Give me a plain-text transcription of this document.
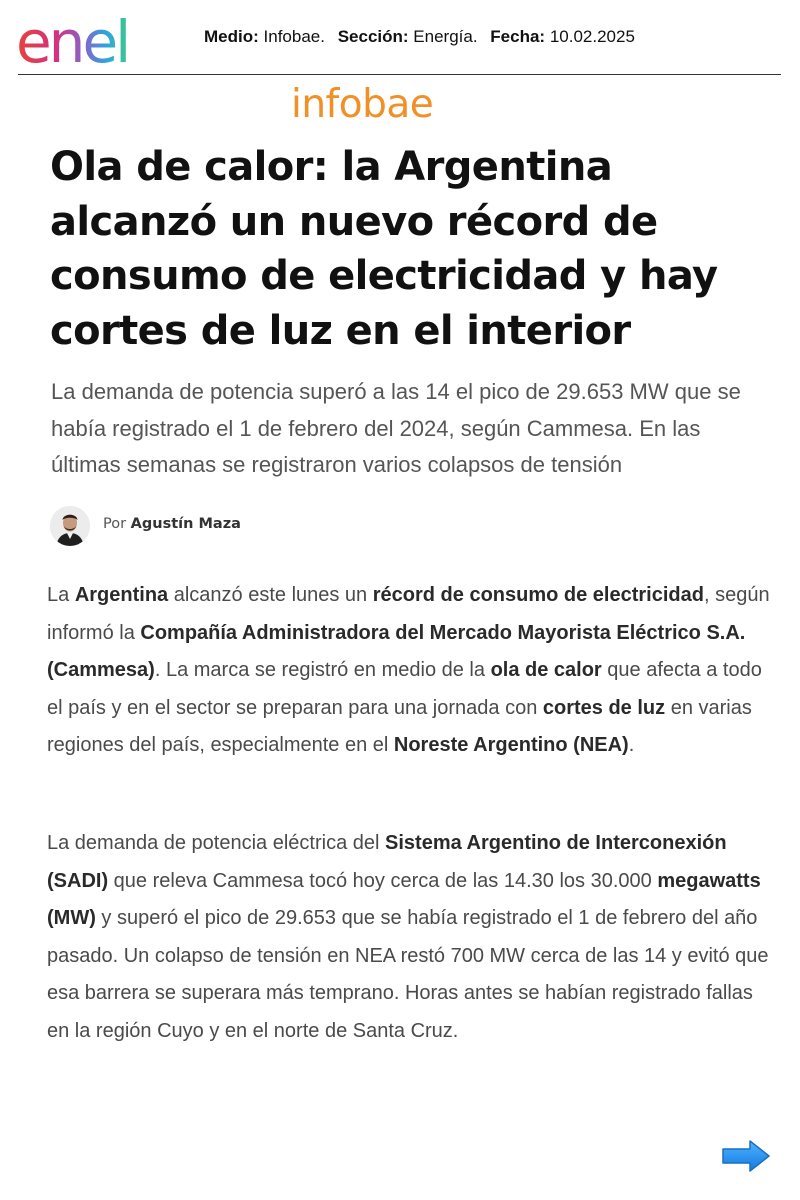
enel	Medio: Infobae. Sección: Energía. Fecha: 10.02.2025
infobae
Ola de calor: la Argentina alcanzó un nuevo récord de consumo de electricidad y hay cortes de luz en el interior

La demanda de potencia superó a las 14 el pico de 29.653 MW que se había registrado el 1 de febrero del 2024, según Cammesa. En las últimas semanas se registraron varios colapsos de tensión

Por Agustín Maza

La Argentina alcanzó este lunes un récord de consumo de electricidad, según informó la Compañía Administradora del Mercado Mayorista Eléctrico S.A. (Cammesa). La marca se registró en medio de la ola de calor que afecta a todo el país y en el sector se preparan para una jornada con cortes de luz en varias regiones del país, especialmente en el Noreste Argentino (NEA).

La demanda de potencia eléctrica del Sistema Argentino de Interconexión (SADI) que releva Cammesa tocó hoy cerca de las 14.30 los 30.000 megawatts (MW) y superó el pico de 29.653 que se había registrado el 1 de febrero del año pasado. Un colapso de tensión en NEA restó 700 MW cerca de las 14 y evitó que esa barrera se superara más temprano. Horas antes se habían registrado fallas en la región Cuyo y en el norte de Santa Cruz.
